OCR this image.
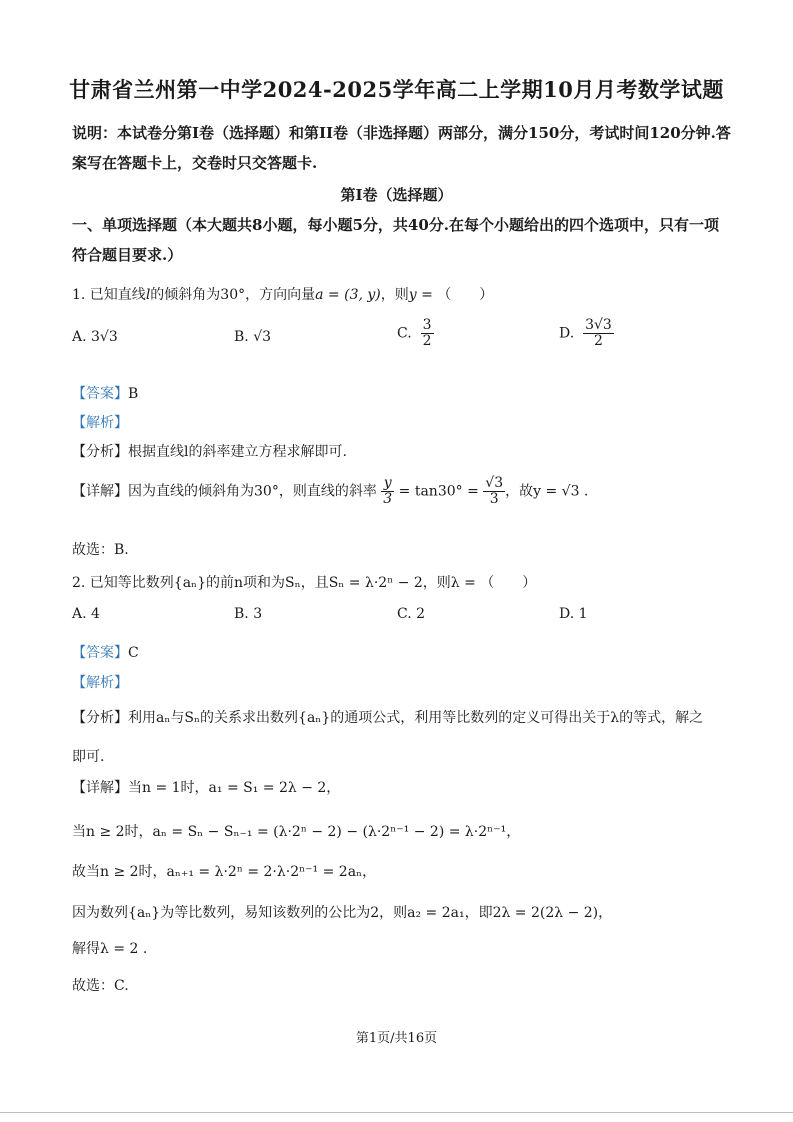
甘肃省兰州第一中学2024-2025学年高二上学期10月月考数学试题
说明：本试卷分第I卷（选择题）和第II卷（非选择题）两部分，满分150分，考试时间120分钟.答案写在答题卡上，交卷时只交答题卡.
第I卷（选择题）
一、单项选择题（本大题共8小题，每小题5分，共40分.在每个小题给出的四个选项中，只有一项符合题目要求.）
1. 已知直线l的倾斜角为30°，方向向量a = (3, y)，则y = （　　）
A. 3√3	B. √3	C. $\frac{3}{2}$	D. $\frac{3√3}{2}$
【答案】B
【解析】
【分析】根据直线l的斜率建立方程求解即可.
【详解】因为直线的倾斜角为30°，则直线的斜率 $\frac{y}{3} = \tan 30^\circ = \frac{√3}{3}$ ，故y = √3 .
故选：B.
2. 已知等比数列{aₙ}的前n项和为Sₙ，且Sₙ = λ·2ⁿ − 2，则λ = （　　）
A. 4	B. 3	C. 2	D. 1
【答案】C
【解析】
【分析】利用aₙ与Sₙ的关系求出数列{aₙ}的通项公式，利用等比数列的定义可得出关于λ的等式，解之
即可.
【详解】当n = 1时，a₁ = S₁ = 2λ − 2，
当n ≥ 2时，aₙ = Sₙ − Sₙ₋₁ = (λ·2ⁿ − 2) − (λ·2ⁿ⁻¹ − 2) = λ·2ⁿ⁻¹，
故当n ≥ 2时，aₙ₊₁ = λ·2ⁿ = 2·λ·2ⁿ⁻¹ = 2aₙ，
因为数列{aₙ}为等比数列，易知该数列的公比为2，则a₂ = 2a₁，即2λ = 2(2λ − 2)，
解得λ = 2 .
故选：C.
第1页/共16页
